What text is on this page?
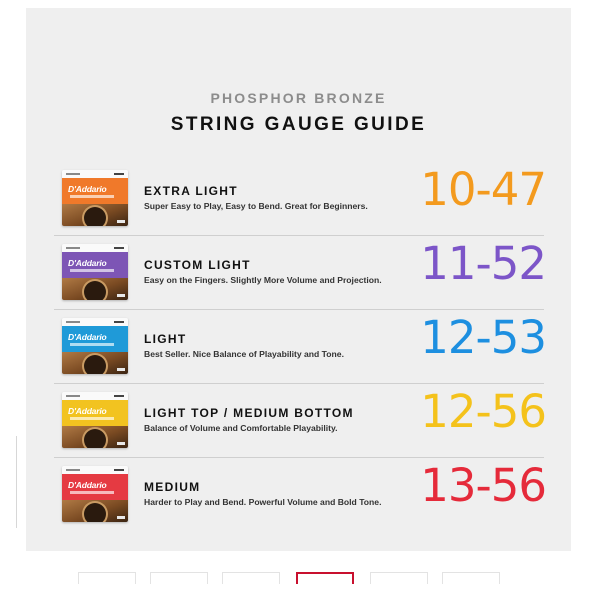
PHOSPHOR BRONZE
STRING GAUGE GUIDE
D'Addario	EXTRA LIGHT
Super Easy to Play, Easy to Bend. Great for Beginners. 10-47
D'Addario	CUSTOM LIGHT
Easy on the Fingers. Slightly More Volume and Projection. 11-52
D'Addario	LIGHT
Best Seller. Nice Balance of Playability and Tone. 12-53
D'Addario	LIGHT TOP / MEDIUM BOTTOM
Balance of Volume and Comfortable Playability. 12-56
D'Addario	MEDIUM
Harder to Play and Bend. Powerful Volume and Bold Tone. 13-56
